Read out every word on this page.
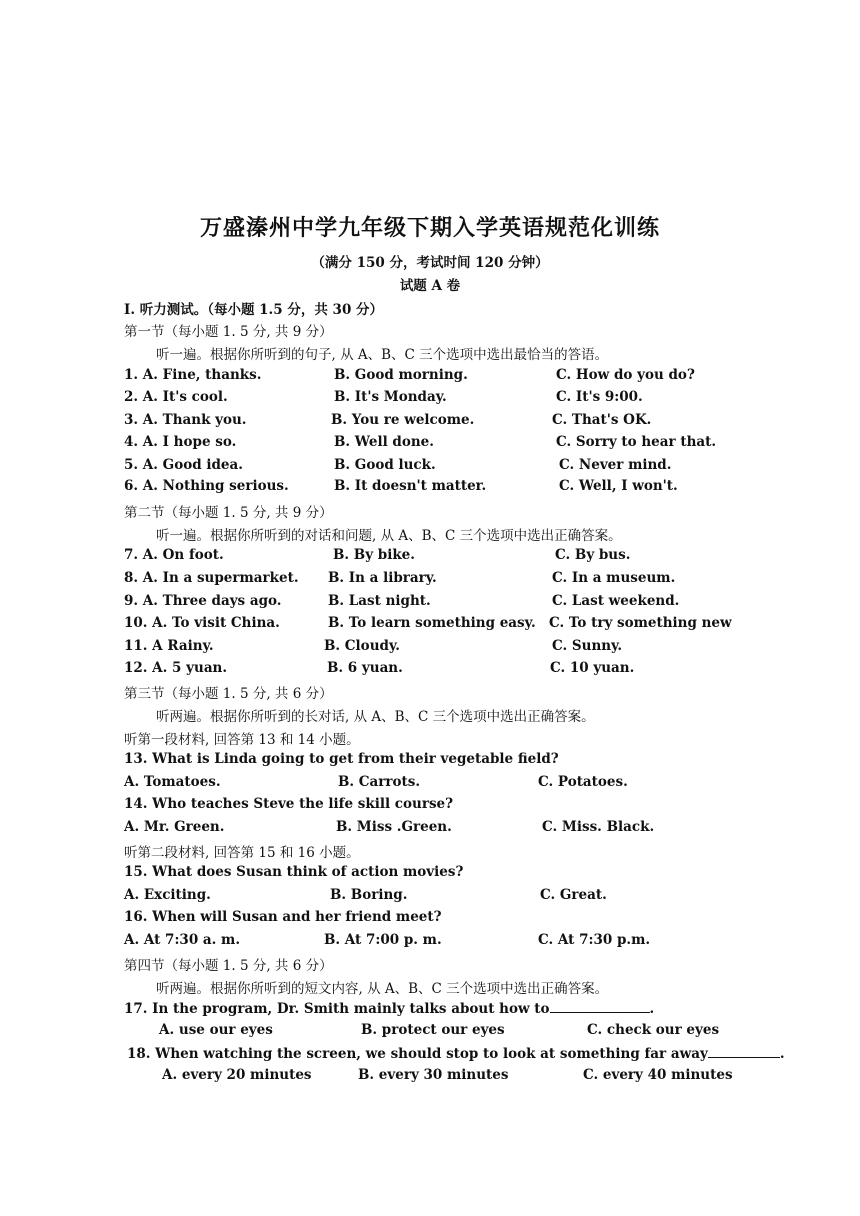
万盛溱州中学九年级下期入学英语规范化训练
（满分 150 分，考试时间 120 分钟）
试题 A 卷
I. 听力测试。（每小题 1.5 分，共 30 分）
第一节（每小题 1. 5 分, 共 9 分）
听一遍。根据你所听到的句子, 从 A、B、C 三个选项中选出最恰当的答语。
1. A. Fine, thanks.	B. Good morning.	C. How do you do?
2. A. It's cool.	B. It's Monday.	C. It's 9:00.
3. A. Thank you.	B. You re welcome.	C. That's OK.
4. A. I hope so.	B. Well done.	C. Sorry to hear that.
5. A. Good idea.	B. Good luck.	C. Never mind.
6. A. Nothing serious.	B. It doesn't matter.	C. Well, I won't.
第二节（每小题 1. 5 分, 共 9 分）
听一遍。根据你所听到的对话和问题, 从 A、B、C 三个选项中选出正确答案。
7. A. On foot.	B. By bike.	C. By bus.
8. A. In a supermarket. B. In a library.	C. In a museum.
9. A. Three days ago.	B. Last night.	C. Last weekend.
10. A. To visit China.	B. To learn something easy. C. To try something new
11. A Rainy.	B. Cloudy.	C. Sunny.
12. A. 5 yuan.	B. 6 yuan.	C. 10 yuan.
第三节（每小题 1. 5 分, 共 6 分）
听两遍。根据你所听到的长对话, 从 A、B、C 三个选项中选出正确答案。
听第一段材料, 回答第 13 和 14 小题。
13. What is Linda going to get from their vegetable field?
A. Tomatoes.	B. Carrots.	C. Potatoes.
14. Who teaches Steve the life skill course?
A. Mr. Green.	B. Miss .Green.	C. Miss. Black.
听第二段材料, 回答第 15 和 16 小题。
15. What does Susan think of action movies?
A. Exciting.	B. Boring.	C. Great.
16. When will Susan and her friend meet?
A. At 7:30 a. m.	B. At 7:00 p. m.	C. At 7:30 p.m.
第四节（每小题 1. 5 分, 共 6 分）
听两遍。根据你所听到的短文内容, 从 A、B、C 三个选项中选出正确答案。
17. In the program, Dr. Smith mainly talks about how to	.
A. use our eyes	B. protect our eyes	C. check our eyes
18. When watching the screen, we should stop to look at something far away	.
A. every 20 minutes	B. every 30 minutes	C. every 40 minutes
